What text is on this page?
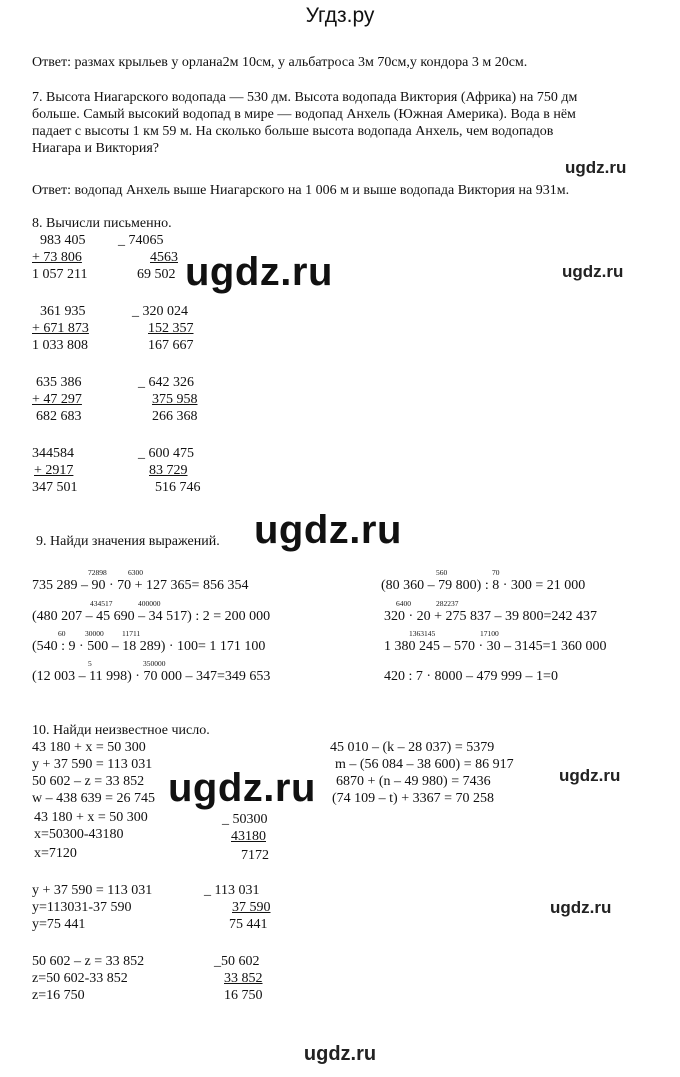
Угдз.ру
Ответ: размах крыльев у орлана2м 10см, у альбатроса 3м 70см,у кондора 3 м 20см.
7. Высота Ниагарского водопада — 530 дм. Высота водопада Виктория (Африка) на 750 дм
больше. Самый высокий водопад в мире — водопад Анхель (Южная Америка). Вода в нём
падает с высоты 1 км 59 м. На сколько больше высота водопада Анхель, чем водопадов
Ниагара и Виктория?
ugdz.ru
Ответ: водопад Анхель выше Ниагарского на 1 006 м и выше водопада Виктория на 931м.
8. Вычисли письменно.
983 405
+ 73 806
1 057 211
_ 74065
4563
69 502 ugdz.ru	ugdz.ru
361 935
+ 671 873
1 033 808
_ 320 024
152 357
167 667
635 386
+ 47 297
682 683
_ 642 326
375 958
266 368
344584
+ 2917
347 501
_ 600 475
83 729
516 746
9. Найди значения выражений. ugdz.ru
72898	6300
735 289 – 90 · 70 + 127 365= 856 354
434517	400000
(480 207 – 45 690 – 34 517) : 2 = 200 000
60	30000 11711
(540 : 9 · 500 – 18 289) · 100= 1 171 100
5	350000
(12 003 – 11 998) · 70 000 – 347=349 653
560	70
(80 360 – 79 800) : 8 · 300 = 21 000
6400	282237
320 · 20 + 275 837 – 39 800=242 437
1363145	17100
1 380 245 – 570 · 30 – 3145=1 360 000
420 : 7 · 8000 – 479 999 – 1=0
10. Найди неизвестное число.
43 180 + x = 50 300
y + 37 590 = 113 031
50 602 – z = 33 852
w – 438 639 = 26 745
45 010 – (k – 28 037) = 5379
m – (56 084 – 38 600) = 86 917
6870 + (n – 49 980) = 7436
(74 109 – t) + 3367 = 70 258
ugdz.ru	ugdz.ru
43 180 + x = 50 300
x=50300-43180
x=7120
_ 50300
43180
7172
y + 37 590 = 113 031
y=113031-37 590
y=75 441
_ 113 031
37 590
75 441
ugdz.ru
50 602 – z = 33 852
z=50 602-33 852
z=16 750
_50 602
33 852
16 750
ugdz.ru
